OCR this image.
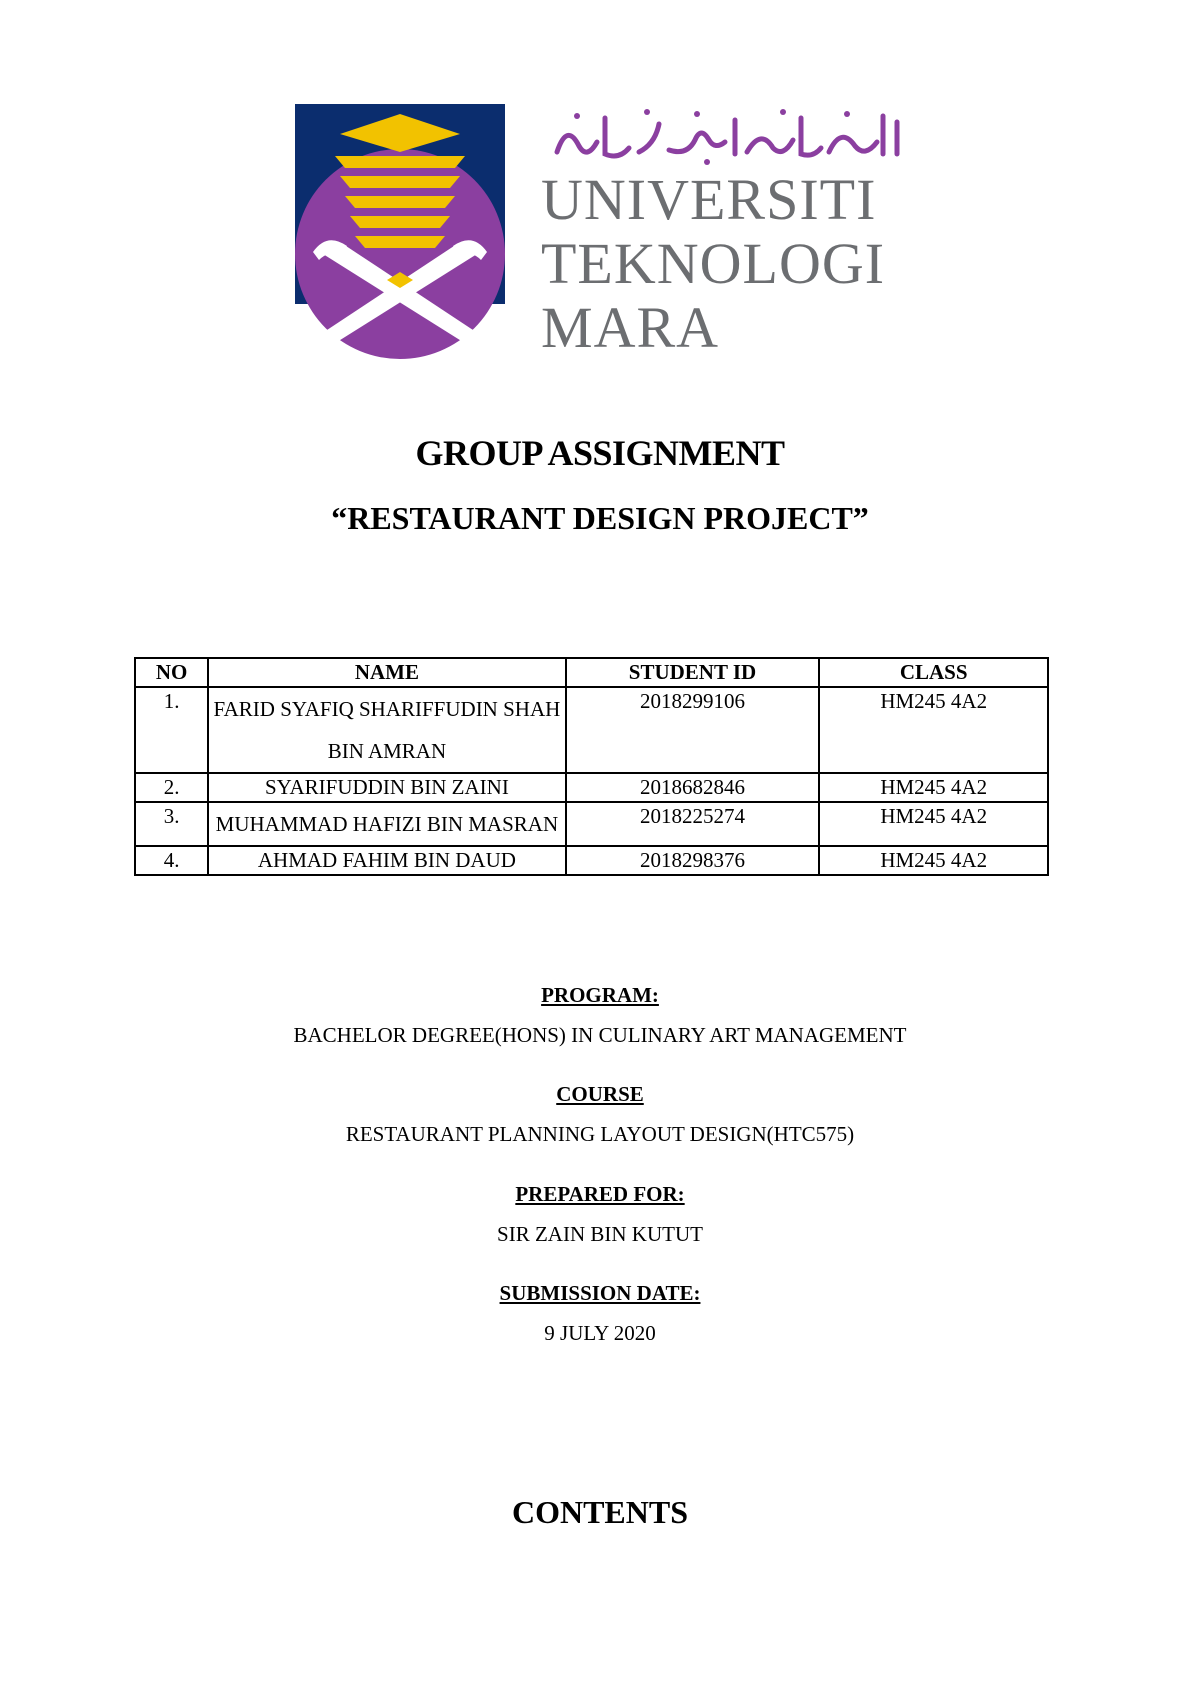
UNIVERSITI
TEKNOLOGI
MARA
GROUP ASSIGNMENT
“RESTAURANT DESIGN PROJECT”
NO	NAME	STUDENT ID	CLASS
1.	FARID SYAFIQ SHARIFFUDIN SHAH BIN AMRAN	2018299106	HM245 4A2
2.	SYARIFUDDIN BIN ZAINI	2018682846	HM245 4A2
3.	MUHAMMAD HAFIZI BIN MASRAN	2018225274	HM245 4A2
4.	AHMAD FAHIM BIN DAUD	2018298376	HM245 4A2
PROGRAM:
BACHELOR DEGREE(HONS) IN CULINARY ART MANAGEMENT
COURSE
RESTAURANT PLANNING LAYOUT DESIGN(HTC575)
PREPARED FOR:
SIR ZAIN BIN KUTUT
SUBMISSION DATE:
9 JULY 2020
CONTENTS
